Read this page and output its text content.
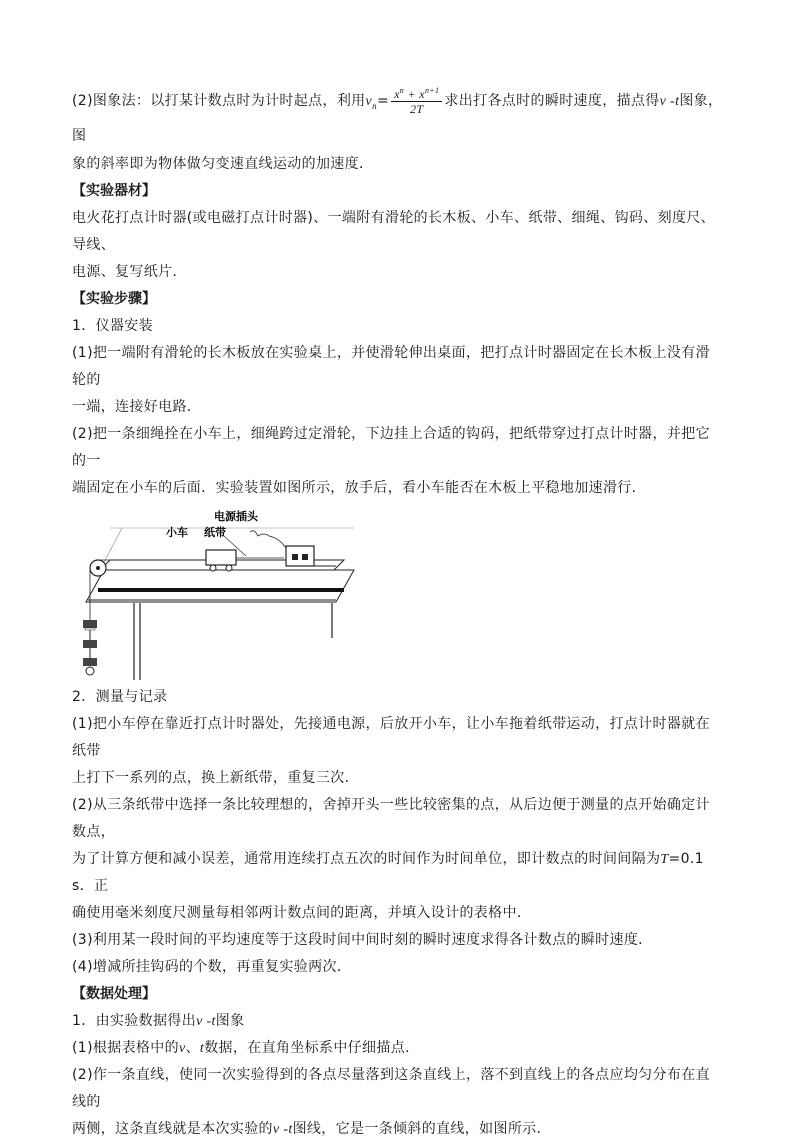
(2)图象法：以打某计数点时为计时起点，利用$v_n= \frac{x^n + x^{n+1}}{2T}$ 求出打各点时的瞬时速度，描点得v -t图象，图

象的斜率即为物体做匀变速直线运动的加速度．

【实验器材】

电火花打点计时器(或电磁打点计时器)、一端附有滑轮的长木板、小车、纸带、细绳、钩码、刻度尺、导线、

电源、复写纸片．

【实验步骤】

1．仪器安装

(1)把一端附有滑轮的长木板放在实验桌上，并使滑轮伸出桌面，把打点计时器固定在长木板上没有滑轮的

一端，连接好电路．

(2)把一条细绳拴在小车上，细绳跨过定滑轮，下边挂上合适的钩码，把纸带穿过打点计时器，并把它的一

端固定在小车的后面．实验装置如图所示，放手后，看小车能否在木板上平稳地加速滑行．

小车 纸带
电源插头

2．测量与记录

(1)把小车停在靠近打点计时器处，先接通电源，后放开小车，让小车拖着纸带运动，打点计时器就在纸带

上打下一系列的点，换上新纸带，重复三次．

(2)从三条纸带中选择一条比较理想的，舍掉开头一些比较密集的点，从后边便于测量的点开始确定计数点，

为了计算方便和减小误差，通常用连续打点五次的时间作为时间单位，即计数点的时间间隔为T=0.1 s．正

确使用毫米刻度尺测量每相邻两计数点间的距离，并填入设计的表格中．

(3)利用某一段时间的平均速度等于这段时间中间时刻的瞬时速度求得各计数点的瞬时速度．

(4)增减所挂钩码的个数，再重复实验两次．

【数据处理】

1．由实验数据得出v -t图象

(1)根据表格中的v、t数据，在直角坐标系中仔细描点．

(2)作一条直线，使同一次实验得到的各点尽量落到这条直线上，落不到直线上的各点应均匀分布在直线的

两侧，这条直线就是本次实验的v -t图线，它是一条倾斜的直线，如图所示．
